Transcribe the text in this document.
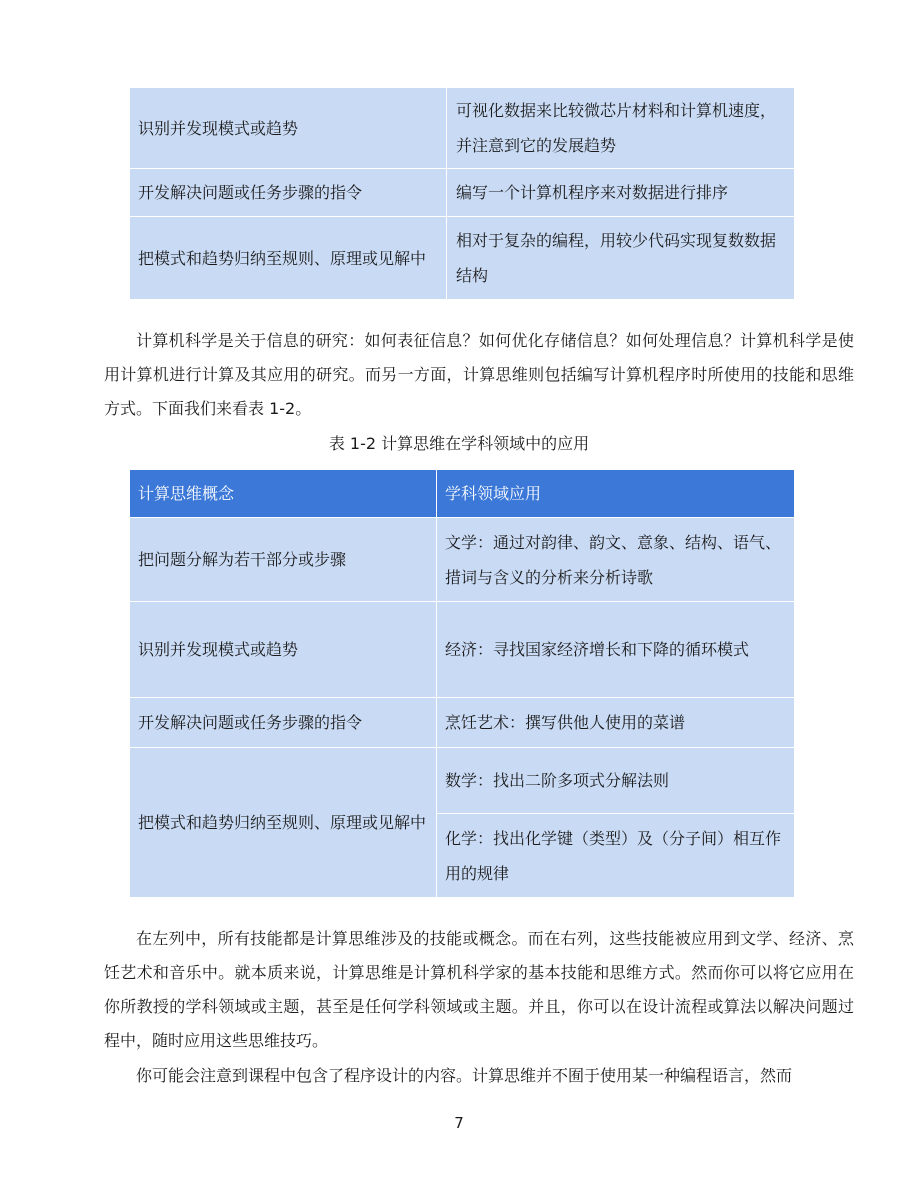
识别并发现模式或趋势	可视化数据来比较微芯片材料和计算机速度，并注意到它的发展趋势
开发解决问题或任务步骤的指令	编写一个计算机程序来对数据进行排序
把模式和趋势归纳至规则、原理或见解中	相对于复杂的编程，用较少代码实现复数数据结构

计算机科学是关于信息的研究：如何表征信息？如何优化存储信息？如何处理信息？计算机科学是使用计算机进行计算及其应用的研究。而另一方面，计算思维则包括编写计算机程序时所使用的技能和思维方式。下面我们来看表 1-2。

表 1-2 计算思维在学科领域中的应用
计算思维概念	学科领域应用
把问题分解为若干部分或步骤	文学：通过对韵律、韵文、意象、结构、语气、措词与含义的分析来分析诗歌
识别并发现模式或趋势	经济：寻找国家经济增长和下降的循环模式
开发解决问题或任务步骤的指令	烹饪艺术：撰写供他人使用的菜谱
把模式和趋势归纳至规则、原理或见解中	数学：找出二阶多项式分解法则
	化学：找出化学键（类型）及（分子间）相互作用的规律

在左列中，所有技能都是计算思维涉及的技能或概念。而在右列，这些技能被应用到文学、经济、烹饪艺术和音乐中。就本质来说，计算思维是计算机科学家的基本技能和思维方式。然而你可以将它应用在你所教授的学科领域或主题，甚至是任何学科领域或主题。并且，你可以在设计流程或算法以解决问题过程中，随时应用这些思维技巧。

你可能会注意到课程中包含了程序设计的内容。计算思维并不囿于使用某一种编程语言，然而

7
